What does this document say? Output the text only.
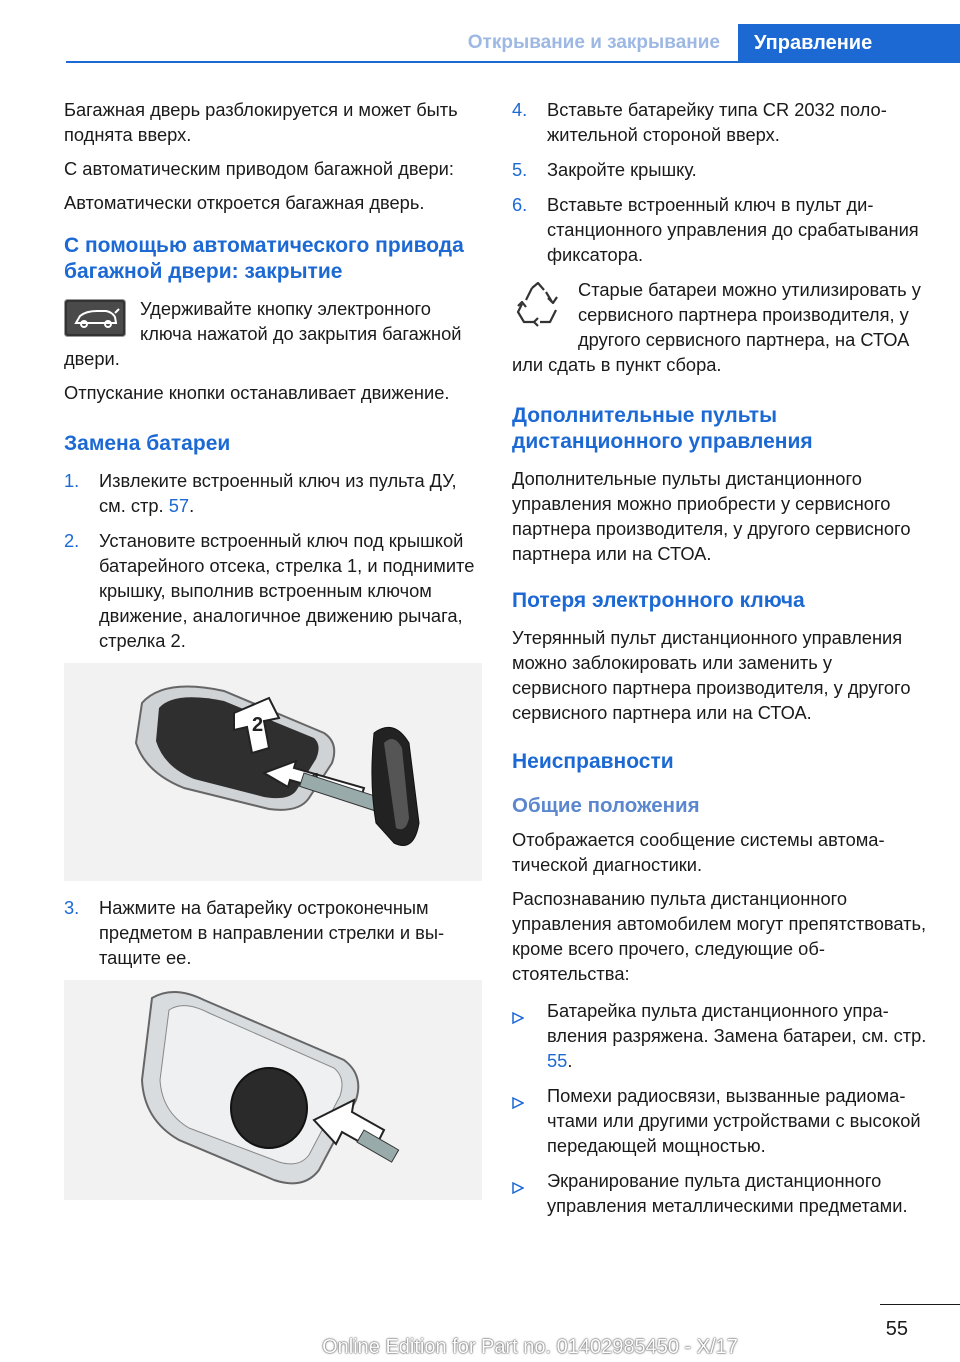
Открывание и закрывание	Управление

Багажная дверь разблокируется и может быть поднята вверх.

С автоматическим приводом багажной двери:

Автоматически откроется багажная дверь.

С помощью автоматического привода багажной двери: закрытие
Удерживайте кнопку электронного ключа нажатой до закрытия багажной двери.

Отпускание кнопки останавливает движение.

Замена батареи
1. Извлеките встроенный ключ из пульта ДУ, см. стр. 57.
2. Установите встроенный ключ под крышкой батарейного отсека, стрелка 1, и поднимите крышку, выполнив встроенным ключом движение, аналогичное движению рычага, стрелка 2.
2
3. Нажмите на батарейку остроконечным предметом в направлении стрелки и вытащите ее.
4. Вставьте батарейку типа CR 2032 положительной стороной вверх.
5. Закройте крышку.
6. Вставьте встроенный ключ в пульт дистанционного управления до срабатывания фиксатора.
Старые батареи можно утилизировать у сервисного партнера производителя, у другого сервисного партнера, на СТОА или сдать в пункт сбора.
Дополнительные пульты дистанционного управления

Дополнительные пульты дистанционного управления можно приобрести у сервисного партнера производителя, у другого сервисного партнера или на СТОА.

Потеря электронного ключа

Утерянный пульт дистанционного управления можно заблокировать или заменить у сервисного партнера производителя, у другого сервисного партнера или на СТОА.

Неисправности
Общие положения

Отображается сообщение системы автоматической диагностики.

Распознаванию пульта дистанционного управления автомобилем могут препятствовать, кроме всего прочего, следующие обстоятельства:

Батарейка пульта дистанционного управления разряжена. Замена батареи, см. стр. 55.
Помехи радиосвязи, вызванные радиомачтами или другими устройствами с высокой передающей мощностью.
Экранирование пульта дистанционного управления металлическими предметами.
55
Online Edition for Part no. 01402985450 - X/17
